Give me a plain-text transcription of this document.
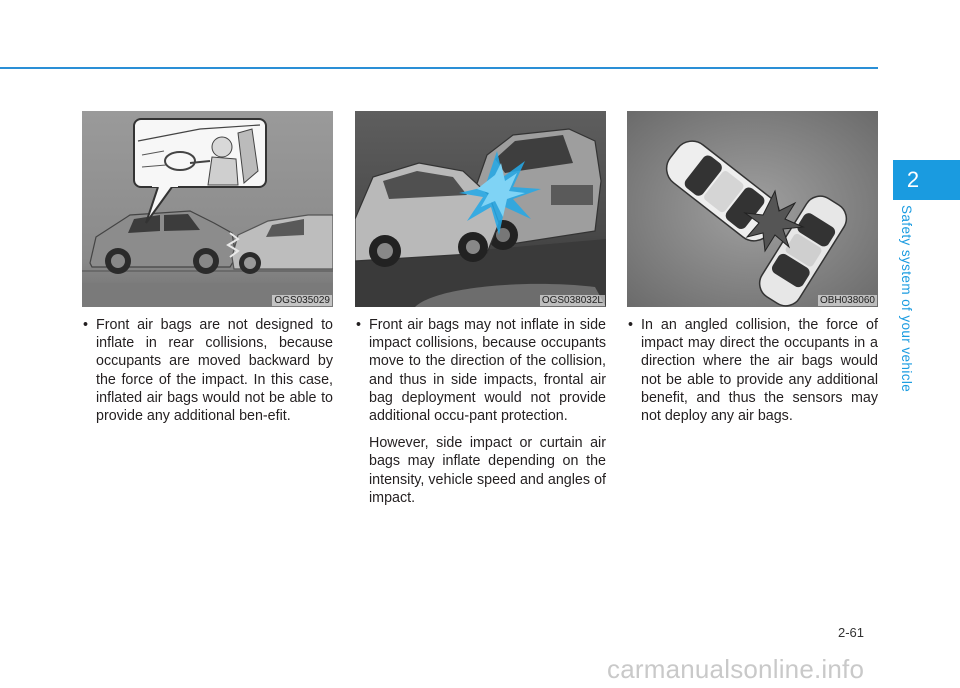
2
Safety system of your vehicle
OGS035029
• Front air bags are not designed to inflate in rear collisions, because occupants are moved backward by the force of the impact. In this case, inflated air bags would not be able to provide any additional ben-efit.
OGS038032L
• Front air bags may not inflate in side impact collisions, because occupants move to the direction of the collision, and thus in side impacts, frontal air bag deployment would not provide additional occu-pant protection.
However, side impact or curtain air bags may inflate depending on the intensity, vehicle speed and angles of impact.
OBH038060
• In an angled collision, the force of impact may direct the occupants in a direction where the air bags would not be able to provide any additional benefit, and thus the sensors may not deploy any air bags.
2-61
carmanualsonline.info
